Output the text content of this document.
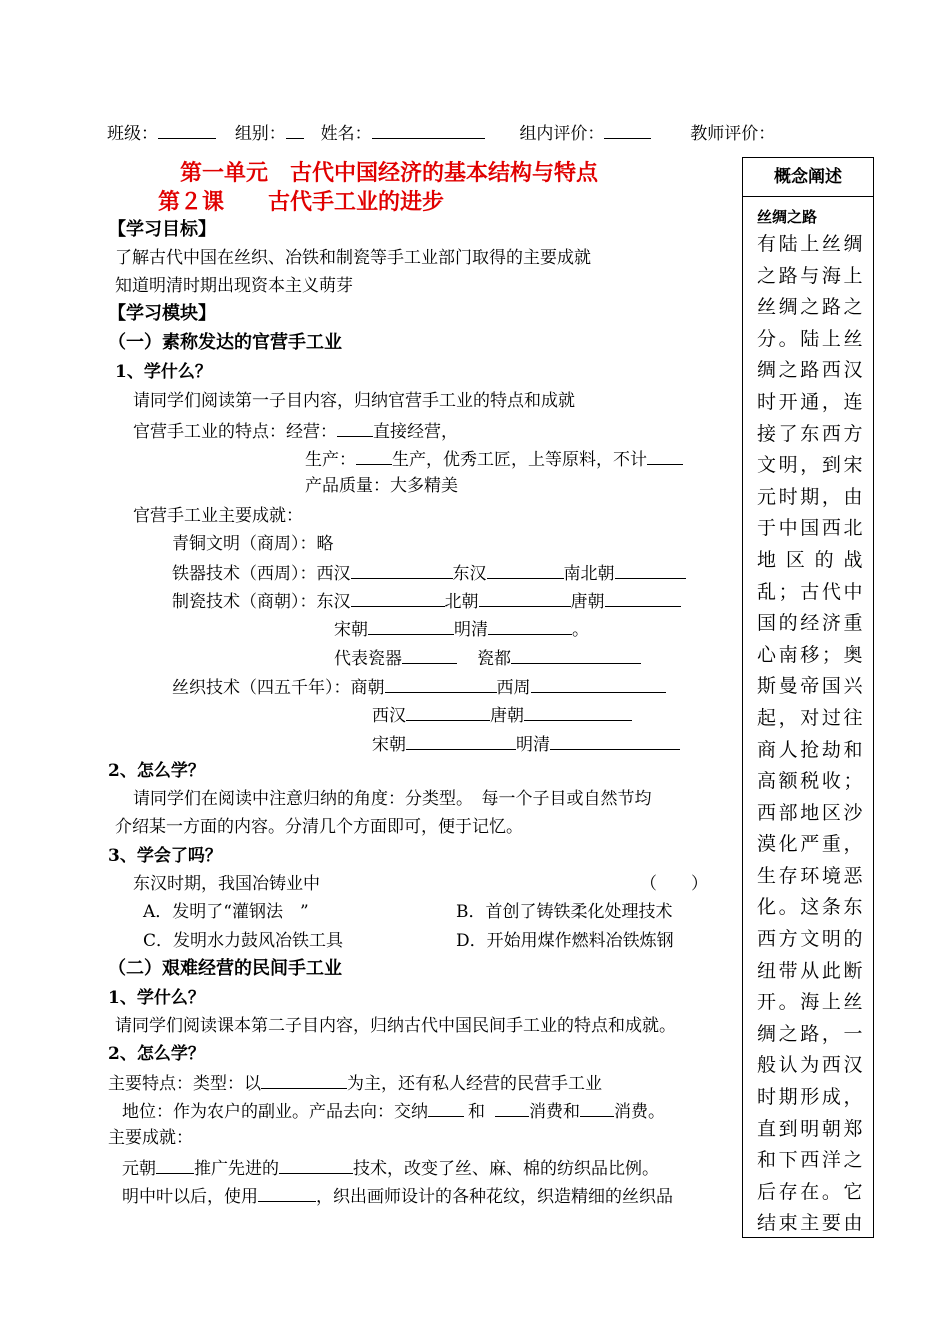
班级：	组别： 姓名：	组内评价：	教师评价：
第一单元　古代中国经济的基本结构与特点
第２课　　古代手工业的进步
【学习目标】
了解古代中国在丝织、冶铁和制瓷等手工业部门取得的主要成就
知道明清时期出现资本主义萌芽
【学习模块】
（一）素称发达的官营手工业
1、学什么？
请同学们阅读第一子目内容，归纳官营手工业的特点和成就
官营手工业的特点：经营： 直接经营，
生产： 生产，优秀工匠，上等原料，不计
产品质量：大多精美
官营手工业主要成就：
青铜文明（商周）：略
铁器技术（西周）：西汉	东汉	南北朝
制瓷技术（商朝）：东汉	北朝	唐朝
宋朝	明清	。
代表瓷器	瓷都
丝织技术（四五千年）：商朝	西周
西汉	唐朝
宋朝	明清
2、怎么学？
请同学们在阅读中注意归纳的角度：分类型。　每一个子目或自然节均
介绍某一方面的内容。分清几个方面即可，便于记忆。
3、学会了吗？
东汉时期，我国冶铸业中	（　　）
A．发明了“灌钢法　”	B．首创了铸铁柔化处理技术
C．发明水力鼓风冶铁工具	D．开始用煤作燃料冶铁炼钢
（二）艰难经营的民间手工业
1、学什么？
请同学们阅读课本第二子目内容，归纳古代中国民间手工业的特点和成就。
2、怎么学？
主要特点：类型：以	为主，还有私人经营的民营手工业
地位：作为农户的副业。产品去向：交纳 和	消费和 消费。
主要成就：
元朝 推广先进的	技术，改变了丝、麻、棉的纺织品比例。
明中叶以后，使用	，织出画师设计的各种花纹，织造精细的丝织品
概念阐述
丝绸之路
有陆上丝绸之路与海上丝绸之路之分。陆上丝绸之路西汉时开通，连接了东西方文明，到宋元时期，由于中国西北地区的战乱；古代中国的经济重心南移；奥斯曼帝国兴起，对过往商人抢劫和高额税收；西部地区沙漠化严重，生存环境恶化。这条东西方文明的纽带从此断开。海上丝绸之路，一般认为西汉时期形成，直到明朝郑和下西洋之后存在。它结束主要由
